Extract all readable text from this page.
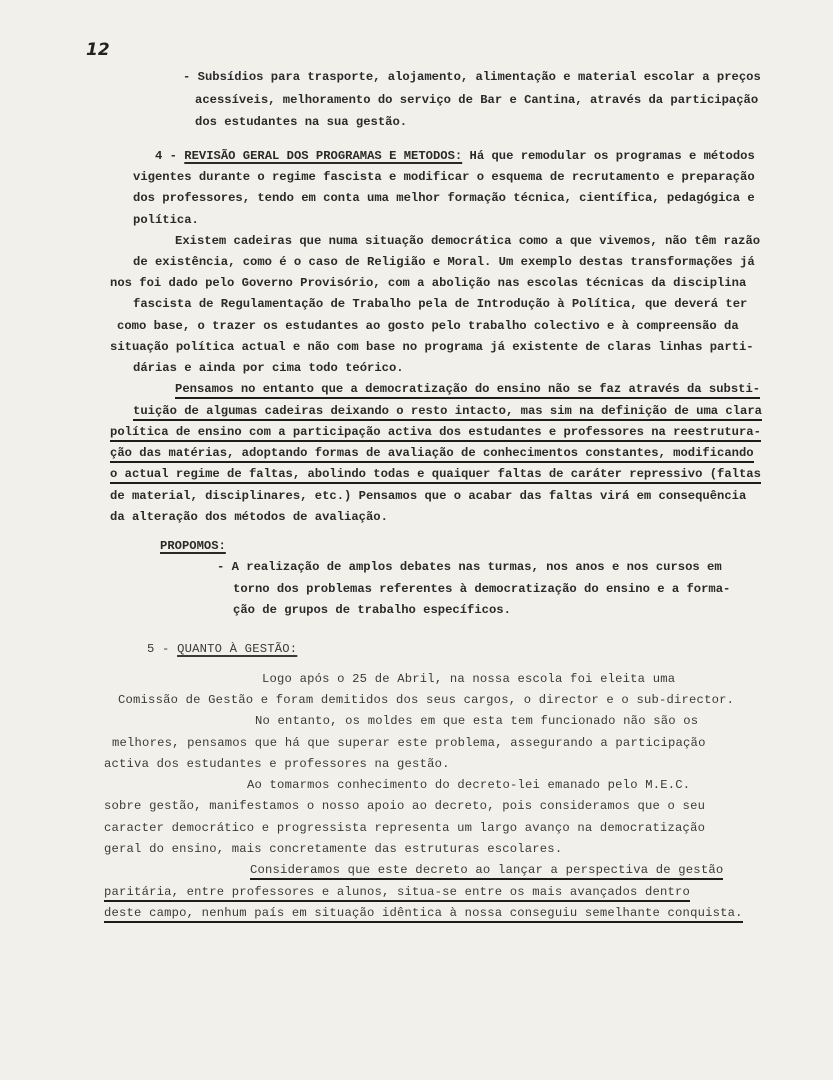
12
- Subsídios para trasporte, alojamento, alimentação e material escolar a preços
acessíveis, melhoramento do serviço de Bar e Cantina, através da participação
dos estudantes na sua gestão.
4 - REVISÃO GERAL DOS PROGRAMAS E METODOS: Há que remodular os programas e métodos
vigentes durante o regime fascista e modificar o esquema de recrutamento e preparação
dos professores, tendo em conta uma melhor formação técnica, científica, pedagógica e
política.
Existem cadeiras que numa situação democrática como a que vivemos, não têm razão
de existência, como é o caso de Religião e Moral. Um exemplo destas transformações já
nos foi dado pelo Governo Provisório, com a abolição nas escolas técnicas da disciplina
fascista de Regulamentação de Trabalho pela de Introdução à Política, que deverá ter
como base, o trazer os estudantes ao gosto pelo trabalho colectivo e à compreensão da
situação política actual e não com base no programa já existente de claras linhas parti-
dárias e ainda por cima todo teórico.
Pensamos no entanto que a democratização do ensino não se faz através da substi-
tuição de algumas cadeiras deixando o resto intacto, mas sim na definição de uma clara
política de ensino com a participação activa dos estudantes e professores na reestrutura-
ção das matérias, adoptando formas de avaliação de conhecimentos constantes, modificando
o actual regime de faltas, abolindo todas e quaiquer faltas de caráter repressivo (faltas
de material, disciplinares, etc.) Pensamos que o acabar das faltas virá em consequência
da alteração dos métodos de avaliação.
PROPOMOS:
- A realização de amplos debates nas turmas, nos anos e nos cursos em
torno dos problemas referentes à democratização do ensino e a forma-
ção de grupos de trabalho específicos.
5 - QUANTO À GESTÃO:
Logo após o 25 de Abril, na nossa escola foi eleita uma
Comissão de Gestão e foram demitidos dos seus cargos, o director e o sub-director.
No entanto, os moldes em que esta tem funcionado não são os
melhores, pensamos que há que superar este problema, assegurando a participação
activa dos estudantes e professores na gestão.
Ao tomarmos conhecimento do decreto-lei emanado pelo M.E.C.
sobre gestão, manifestamos o nosso apoio ao decreto, pois consideramos que o seu
caracter democrático e progressista representa um largo avanço na democratização
geral do ensino, mais concretamente das estruturas escolares.
Consideramos que este decreto ao lançar a perspectiva de gestão
paritária, entre professores e alunos, situa-se entre os mais avançados dentro
deste campo, nenhum país em situação idêntica à nossa conseguiu semelhante conquista.
